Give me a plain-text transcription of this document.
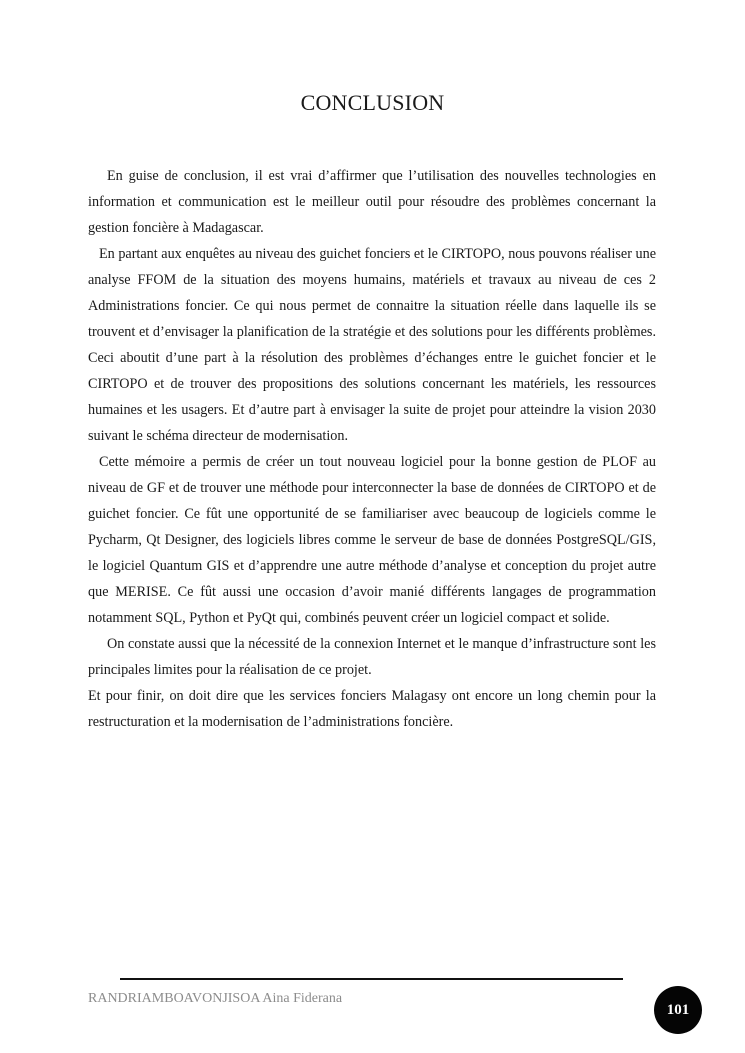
CONCLUSION

En guise de conclusion, il est vrai d’affirmer que l’utilisation des nouvelles technologies en information et communication est le meilleur outil pour résoudre des problèmes concernant la gestion foncière à Madagascar.

En partant aux enquêtes au niveau des guichet fonciers et le CIRTOPO, nous pouvons réaliser une analyse FFOM de la situation des moyens humains, matériels et travaux au niveau de ces 2 Administrations foncier. Ce qui nous permet de connaitre la situation réelle dans laquelle ils se trouvent et d’envisager la planification de la stratégie et des solutions pour les différents problèmes. Ceci aboutit d’une part à la résolution des problèmes d’échanges entre le guichet foncier et le CIRTOPO et de trouver des propositions des solutions concernant les matériels, les ressources humaines et les usagers. Et d’autre part à envisager la suite de projet pour atteindre la vision 2030 suivant le schéma directeur de modernisation.

Cette mémoire a permis de créer un tout nouveau logiciel pour la bonne gestion de PLOF au niveau de GF et de trouver une méthode pour interconnecter la base de données de CIRTOPO et de guichet foncier. Ce fût une opportunité de se familiariser avec beaucoup de logiciels comme le Pycharm, Qt Designer, des logiciels libres comme le serveur de base de données PostgreSQL/GIS, le logiciel Quantum GIS et d’apprendre une autre méthode d’analyse et conception du projet autre que MERISE. Ce fût aussi une occasion d’avoir manié différents langages de programmation notamment SQL, Python et PyQt qui, combinés peuvent créer un logiciel compact et solide.

On constate aussi que la nécessité de la connexion Internet et le manque d’infrastructure sont les principales limites pour la réalisation de ce projet.

Et pour finir, on doit dire que les services fonciers Malagasy ont encore un long chemin pour la restructuration et la modernisation de l’administrations foncière.

RANDRIAMBOAVONJISOA Aina Fiderana
101
